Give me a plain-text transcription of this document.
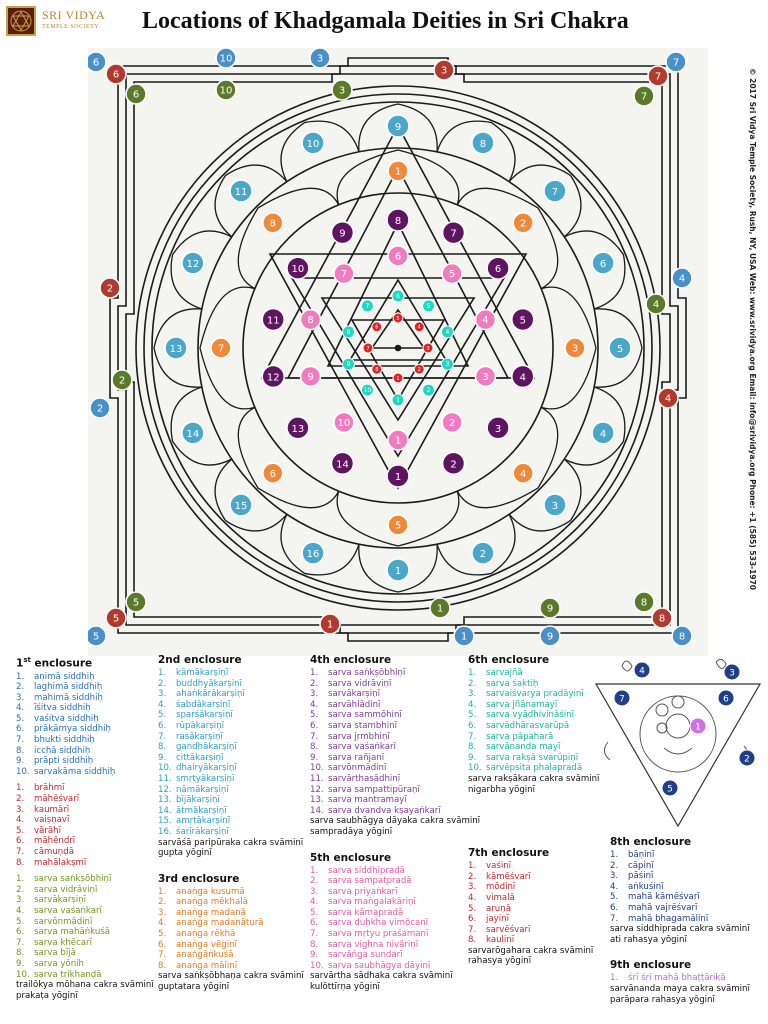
SRI VIDYA
TEMPLE SOCIETY Locations of Khadgamala Deities in Sri Chakra
© 2017 Sri Vidya Temple Society, Rush, NY, USA Web: www.srividya.org Email: info@srividya.org Phone: +1 (585) 533-1970
1
2
3
4
5
6
7
8
9
10
11
12
13
14
15
16
1
2
3
4
5
6
7
8
1
2
3
4
5
6
7
8
9
10
11
12
13
14
1
2
3
4
5
6
7
8
9
10
1
2
3
4
5
6
7
8
9
10
1
2
3
4
5
6
7
8
6	10	3	7
4
8
9
1
5
2
6	3
7
2
4
8
1
5
6	10	3
7
4
8
9
1
5
2
1st enclosure
1. aṇimā siddhiḥ
2. laghimā siddhiḥ
3. mahimā siddhiḥ
4. īśitva siddhiḥ
5. vaśitva siddhiḥ
6. prākāmya siddhiḥ
7. bhukti siddhiḥ
8. icchā siddhiḥ
9. prāpti siddhiḥ
10. sarvakāma siddhiḥ
1. brāhmī
2. māhēśvarī
3. kaumārī
4. vaiṣṇavī
5. vārāhī
6. māhēndrī
7. cāmuṇḍā
8. mahālakṣmī
1. sarva saṅkṣōbhiṇī
2. sarva vidrāviṇī
3. sarvākarṣiṇī
4. sarva vaśaṅkarī
5. sarvōnmādinī
6. sarva mahāṅkuśā
7. sarva khēcarī
8. sarva bījā
9. sarva yōnih
10. sarva trikhaṇḍā
trailōkya mōhana cakra svāminī
prakaṭa yōginī
2nd enclosure
1. kāmākarṣiṇī
2. buddhyākarṣiṇī
3. ahaṅkārākarṣiṇī
4. śabdākarṣiṇī
5. sparśākarṣiṇī
6. rūpākarṣiṇī
7. rasākarṣiṇī
8. gandhākarṣiṇī
9. cittākarṣiṇī
10. dhairyākarṣiṇī
11. smṛtyākarṣiṇī
12. nāmākarṣiṇī
13. bījākarṣiṇī
14. ātmākarṣiṇī
15. amṛtākarṣiṇī
16. śarīrākarṣiṇī
sarvāśā paripūraka cakra svāminī
gupta yōginī
3rd enclosure
1. anaṅga kusumā
2. anaṅga mēkhalā
3. anaṅga madanā
4. anaṅga madanāturā
5. anaṅga rēkhā
6. anaṅga vēginī
7. anaṅgāṅkuśā
8. anaṅga mālinī
sarva saṅkṣōbhaṇa cakra svāminī
guptatara yōginī
4th enclosure
1. sarva saṅkṣōbhiṇī
2. sarva vidrāviṇī
3. sarvākarṣiṇī
4. sarvāhlādinī
5. sarva sammōhinī
6. sarva stambhinī
7. sarva jṛmbhiṇī
8. sarva vaśaṅkarī
9. sarva rañjanī
10. sarvōnmādinī
11. sarvārthasādhinī
12. sarva sampattipūraṇī
13. sarva mantramayī
14. sarva dvandva kṣayaṅkarī
sarva saubhāgya dāyaka cakra svāminī
sampradāya yōginī
5th enclosure
1. sarva siddhipradā
2. sarva sampatpradā
3. sarva priyaṅkarī
4. sarva maṅgalakāriṇī
5. sarva kāmapradā
6. sarva duḥkha vimōcanī
7. sarva mṛtyu praśamanī
8. sarva vighna nivāriṇī
9. sarvāṅga sundarī
10. sarva saubhāgya dāyinī
sarvārtha sādhaka cakra svāminī
kulōttīrṇa yōginī
6th enclosure
1. sarvajñā
2. sarva śaktiḥ
3. sarvaiśvarya pradāyinī
4. sarva jñānamayī
5. sarva vyādhivināśinī
6. sarvādhārasvarūpā
7. sarva pāpaharā
8. sarvānanda mayī
9. sarva rakṣā svarūpiṇī
10. sarvēpsita phalapradā
sarva rakṣākara cakra svāminī
nigarbha yōginī
7th enclosure
1. vaśinī
2. kāmēśvarī
3. mōdinī
4. vimalā
5. aruṇā
6. jayinī
7. sarvēśvarī
8. kaulinī
sarvarōgahara cakra svāminī
rahasya yōginī
1
2
3
4
5
6
7
8th enclosure
1. bāṇinī
2. cāpinī
3. pāśinī
4. aṅkuśinī
5. mahā kāmēśvarī
6. mahā vajrēśvarī
7. mahā bhagamālinī
sarva siddhiprada cakra svāminī
ati rahasya yōginī
9th enclosure
1. śrī śrī mahā bhaṭṭārikā
sarvānanda maya cakra svāminī
parāpara rahasya yōginī
